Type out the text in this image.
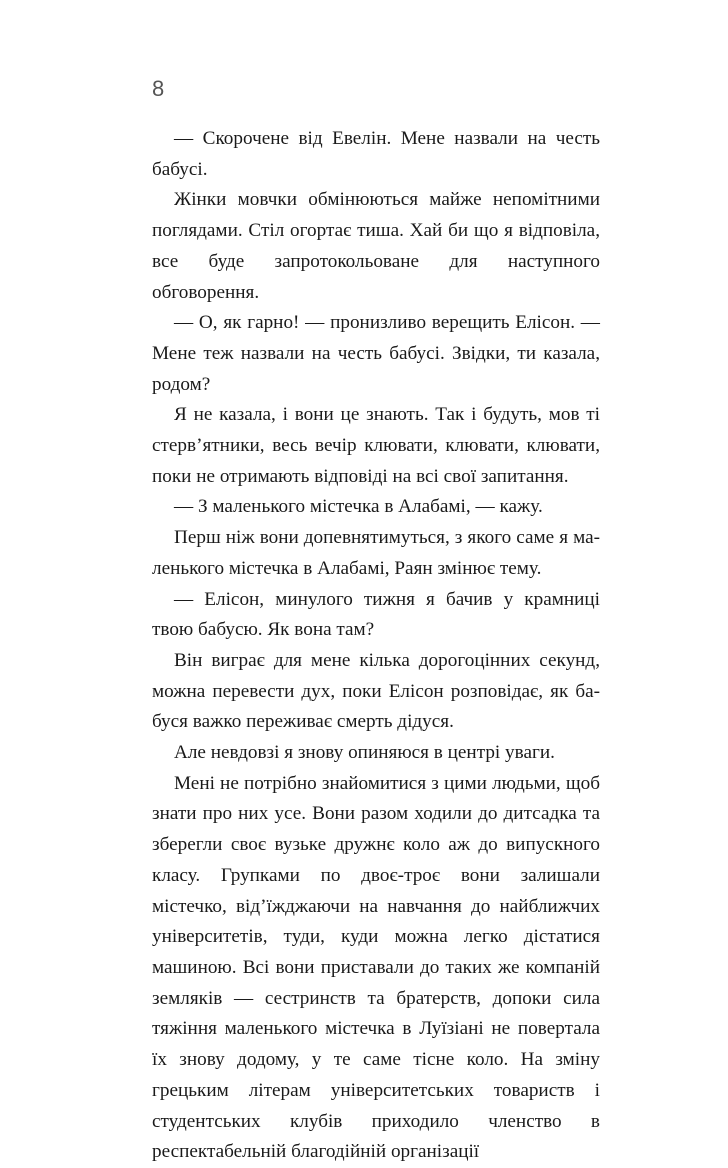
8

— Скорочене від Евелін. Мене назвали на честь бабусі.

Жінки мовчки обмінюються майже непомітними поглядами. Стіл огортає тиша. Хай би що я відповіла, все буде запротокольоване для наступного обговорення.

— О, як гарно! — пронизливо верещить Елісон. — Мене теж назвали на честь бабусі. Звідки, ти казала, родом?

Я не казала, і вони це знають. Так і будуть, мов ті стерв’ятники, весь вечір клювати, клювати, клювати, поки не отримають відповіді на всі свої запитання.

— З маленького містечка в Алабамі, — кажу.

Перш ніж вони допевнятимуться, з якого саме я маленького містечка в Алабамі, Раян змінює тему.

— Елісон, минулого тижня я бачив у крамниці твою бабусю. Як вона там?

Він виграє для мене кілька дорогоцінних секунд, можна перевести дух, поки Елісон розповідає, як бабуся важко переживає смерть дідуся.

Але невдовзі я знову опиняюся в центрі уваги.

Мені не потрібно знайомитися з цими людьми, щоб знати про них усе. Вони разом ходили до дитсадка та зберегли своє вузьке дружнє коло аж до випускного класу. Групками по двоє-троє вони залишали містечко, від’їжджаючи на навчання до найближчих університетів, туди, куди можна легко дістатися машиною. Всі вони приставали до таких же компаній земляків — сестринств та братерств, допоки сила тяжіння маленького містечка в Луїзіані не повертала їх знову додому, у те саме тісне коло. На зміну грецьким літерам університетських товариств і студентських клубів приходило членство в респектабельній благодійній організації
